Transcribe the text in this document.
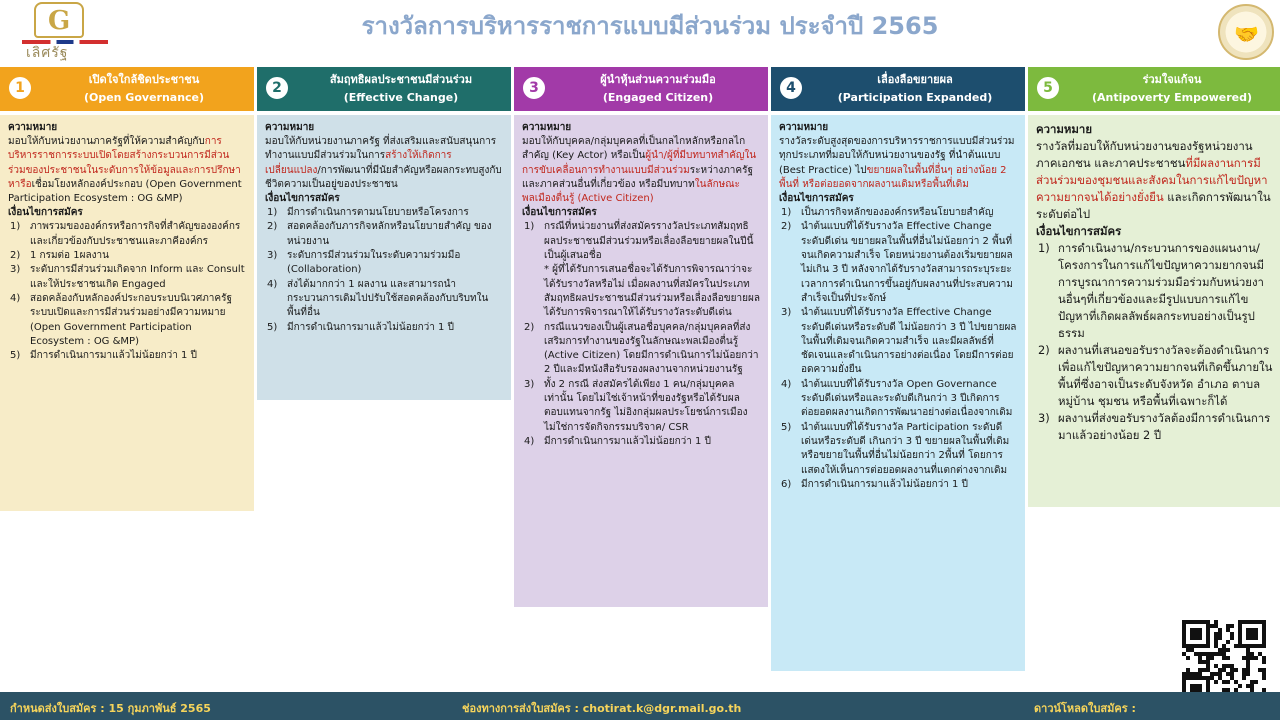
G
เลิศรัฐ
รางวัลการบริหารราชการแบบมีส่วนร่วม ประจำปี 2565	🤝
1
เปิดใจใกล้ชิดประชาชน
(Open Governance)
ความหมาย

มอบให้กับหน่วยงานภาครัฐที่ให้ความสำคัญกับการบริหารราชการระบบเปิดโดยสร้างกระบวนการมีส่วนร่วมของประชาชนในระดับการให้ข้อมูลและการปรึกษาหารือเชื่อมโยงหลักองค์ประกอบ (Open Government Participation Ecosystem : OG &MP)

เงื่อนไขการสมัคร
1) ภาพรวมขององค์กรหรือการกิจที่สำคัญขององค์กรและเกี่ยวข้องกับประชาชนและภาคีองค์กร
2) 1 กรมต่อ 1ผลงาน
3) ระดับการมีส่วนร่วมเกิดจาก Inform และ Consult และให้ประชาชนเกิด Engaged
4) สอดคล้องกับหลักองค์ประกอบระบบนิเวศภาครัฐระบบเปิดและการมีส่วนร่วมอย่างมีความหมาย (Open Government Participation Ecosystem : OG &MP)
5) มีการดำเนินการมาแล้วไม่น้อยกว่า 1 ปี
2
สัมฤทธิผลประชาชนมีส่วนร่วม
(Effective Change)
ความหมาย

มอบให้กับหน่วยงานภาครัฐ ที่ส่งเสริมและสนับสนุนการทำงานแบบมีส่วนร่วมในการสร้างให้เกิดการเปลี่ยนแปลง/การพัฒนาที่มีนัยสำคัญหรือผลกระทบสูงกับชีวิตความเป็นอยู่ของประชาชน

เงื่อนไขการสมัคร
1) มีการดำเนินการตามนโยบายหรือโครงการ
2) สอดคล้องกับภารกิจหลักหรือนโยบายสำคัญ ของหน่วยงาน
3) ระดับการมีส่วนร่วมในระดับความร่วมมือ (Collaboration)
4) ส่งได้มากกว่า 1 ผลงาน และสามารถนำกระบวนการเดิมไปปรับใช้สอดคล้องกับบริบทในพื้นที่อื่น
5) มีการดำเนินการมาแล้วไม่น้อยกว่า 1 ปี
3
ผู้นำหุ้นส่วนความร่วมมือ
(Engaged Citizen)
ความหมาย

มอบให้กับบุคคล/กลุ่มบุคคลที่เป็นกลไกหลักหรือกลไกสำคัญ (Key Actor) หรือเป็นผู้นำ/ผู้ที่มีบทบาทสำคัญในการขับเคลื่อนการทำงานแบบมีส่วนร่วมระหว่างภาครัฐและภาคส่วนอื่นที่เกี่ยวข้อง หรือมีบทบาทในลักษณะพลเมืองตื่นรู้ (Active Citizen)

เงื่อนไขการสมัคร
1) กรณีที่หน่วยงานที่ส่งสมัครรางวัลประเภทสัมฤทธิผลประชาชนมีส่วนร่วมหรือเลื่องลือขยายผลในปีนี้ เป็นผู้เสนอชื่อ
* ผู้ที่ได้รับการเสนอชื่อจะได้รับการพิจารณาว่าจะได้รับรางวัลหรือไม่ เมื่อผลงานที่สมัครในประเภทสัมฤทธิผลประชาชนมีส่วนร่วมหรือเลื่องลือขยายผล ได้รับการพิจารณาให้ได้รับรางวัลระดับดีเด่น
2) กรณีแนวของเป็นผู้เสนอชื่อบุคคล/กลุ่มบุคคลที่ส่งเสริมการทำงานของรัฐในลักษณะพลเมืองตื่นรู้ (Active Citizen) โดยมีการดำเนินการไม่น้อยกว่า 2 ปีและมีหนังสือรับรองผลงานจากหน่วยงานรัฐ
3) ทั้ง 2 กรณี ส่งสมัครได้เพียง 1 คน/กลุ่มบุคคล เท่านั้น โดยไม่ใช่เจ้าหน้าที่ของรัฐหรือได้รับผลตอบแทนจากรัฐ ไม่อิงกลุ่มผลประโยชน์การเมือง ไม่ใช่การจัดกิจกรรมบริจาค/ CSR
4) มีการดำเนินการมาแล้วไม่น้อยกว่า 1 ปี
4
เลื่องลือขยายผล
(Participation Expanded)
ความหมาย

รางวัลระดับสูงสุดของการบริหารราชการแบบมีส่วนร่วมทุกประเภทที่มอบให้กับหน่วยงานของรัฐ ที่นำต้นแบบ (Best Practice) ไปขยายผลในพื้นที่อื่นๆ อย่างน้อย 2 พื้นที่ หรือต่อยอดจากผลงานเดิมหรือพื้นที่เดิม

เงื่อนไขการสมัคร
1) เป็นภารกิจหลักขององค์กรหรือนโยบายสำคัญ
2) นำต้นแบบที่ได้รับรางวัล Effective Change ระดับดีเด่น ขยายผลในพื้นที่อื่นไม่น้อยกว่า 2 พื้นที่จนเกิดความสำเร็จ โดยหน่วยงานต้องเริ่มขยายผลไม่เกิน 3 ปี หลังจากได้รับรางวัลสามารถระบุระยะเวลาการดำเนินการขึ้นอยู่กับผลงานที่ประสบความสำเร็จเป็นที่ประจักษ์
3) นำต้นแบบที่ได้รับรางวัล Effective Change ระดับดีเด่นหรือระดับดี ไม่น้อยกว่า 3 ปี ไปขยายผลในพื้นที่เดิมจนเกิดความสำเร็จ และมีผลลัพธ์ที่ชัดเจนและดำเนินการอย่างต่อเนื่อง โดยมีการต่อยอดความยั่งยืน
4) นำต้นแบบที่ได้รับรางวัล Open Governance ระดับดีเด่นหรือและระดับดีเกินกว่า 3 ปีเกิดการต่อยอดผลงานเกิดการพัฒนาอย่างต่อเนื่องจากเดิม
5) นำต้นแบบที่ได้รับรางวัล Participation ระดับดีเด่นหรือระดับดี เกินกว่า 3 ปี ขยายผลในพื้นที่เดิมหรือขยายในพื้นที่อื่นไม่น้อยกว่า 2พื้นที่ โดยการแสดงให้เห็นการต่อยอดผลงานที่แตกต่างจากเดิม
6) มีการดำเนินการมาแล้วไม่น้อยกว่า 1 ปี
5
ร่วมใจแก้จน
(Antipoverty Empowered)
ความหมาย

รางวัลที่มอบให้กับหน่วยงานของรัฐหน่วยงานภาคเอกชน และภาคประชาชนที่มีผลงานการมีส่วนร่วมของชุมชนและสังคมในการแก้ไขปัญหาความยากจนได้อย่างยั่งยืน และเกิดการพัฒนาในระดับต่อไป

เงื่อนไขการสมัคร
1) การดำเนินงาน/กระบวนการของแผนงาน/โครงการในการแก้ไขปัญหาความยากจนมีการบูรณาการความร่วมมือร่วมกับหน่วยงานอื่นๆที่เกี่ยวข้องและมีรูปแบบการแก้ไขปัญหาที่เกิดผลลัพธ์ผลกระทบอย่างเป็นรูปธรรม
2) ผลงานที่เสนอขอรับรางวัลจะต้องดำเนินการเพื่อแก้ไขปัญหาความยากจนที่เกิดขึ้นภายในพื้นที่ซึ่งอาจเป็นระดับจังหวัด อำเภอ ตาบลหมู่บ้าน ชุมชน หรือพื้นที่เฉพาะก็ได้
3) ผลงานที่ส่งขอรับรางวัลต้องมีการดำเนินการมาแล้วอย่างน้อย 2 ปี
กำหนดส่งใบสมัคร : 15 กุมภาพันธ์ 2565	ช่องทางการส่งใบสมัคร : chotirat.k@dgr.mail.go.th	ดาวน์โหลดใบสมัคร :
